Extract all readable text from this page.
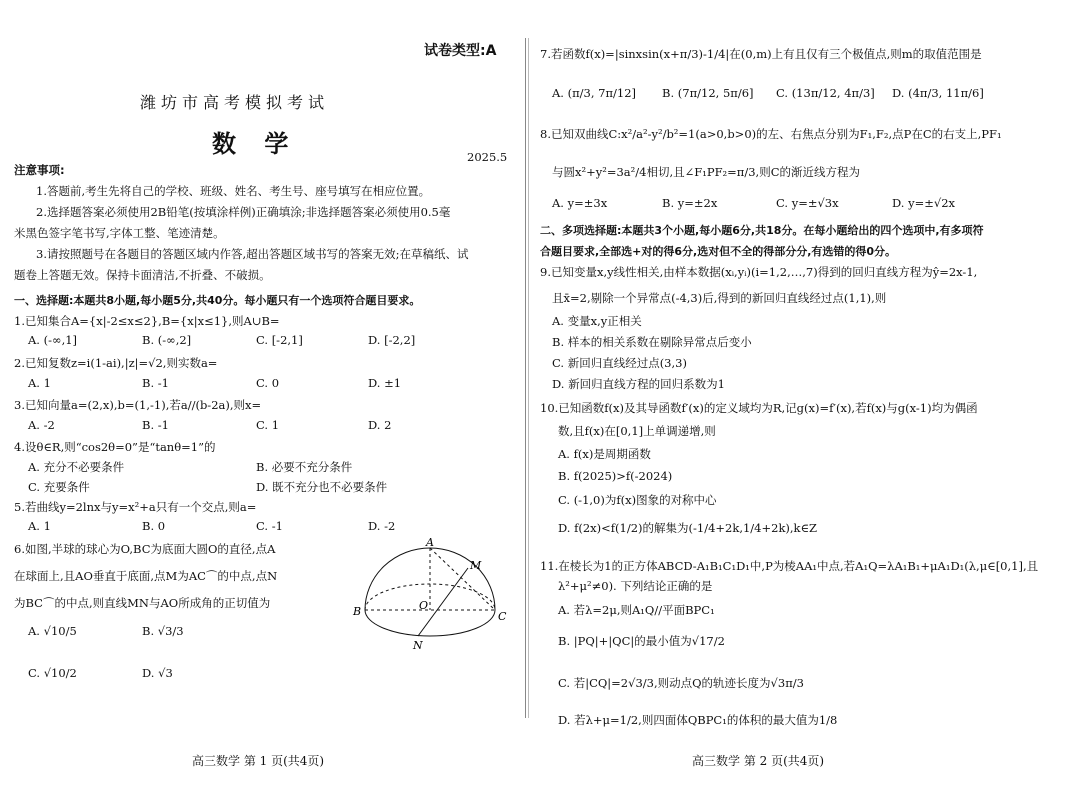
试卷类型:A
潍坊市高考模拟考试
数 学	2025.5
注意事项:
1.答题前,考生先将自己的学校、班级、姓名、考生号、座号填写在相应位置。
2.选择题答案必须使用2B铅笔(按填涂样例)正确填涂;非选择题答案必须使用0.5毫
米黑色签字笔书写,字体工整、笔迹清楚。
3.请按照题号在各题目的答题区域内作答,超出答题区域书写的答案无效;在草稿纸、试
题卷上答题无效。保持卡面清洁,不折叠、不破损。
一、选择题:本题共8小题,每小题5分,共40分。每小题只有一个选项符合题目要求。
1.已知集合A={x|-2≤x≤2},B={x|x≤1},则A∪B=
A. (-∞,1]	B. (-∞,2]	C. [-2,1]	D. [-2,2]
2.已知复数z=i(1-ai),|z|=√2,则实数a=
A. 1	B. -1	C. 0	D. ±1
3.已知向量a=(2,x),b=(1,-1),若a//(b-2a),则x=
A. -2	B. -1	C. 1	D. 2
4.设θ∈R,则“cos2θ=0”是“tanθ=1”的
A. 充分不必要条件	B. 必要不充分条件
C. 充要条件	D. 既不充分也不必要条件
5.若曲线y=2lnx与y=x²+a只有一个交点,则a=
A. 1	B. 0	C. -1	D. -2
6.如图,半球的球心为O,BC为底面大圆O的直径,点A
在球面上,且AO垂直于底面,点M为AC⌒的中点,点N
为BC⌒的中点,则直线MN与AO所成角的正切值为
A. √10/5	B. √3/3
C. √10/2	D. √3
A
M
B	O
C
N
高三数学 第 1 页(共4页)
7.若函数f(x)=|sinxsin(x+π/3)-1/4|在(0,m)上有且仅有三个极值点,则m的取值范围是
A. (π/3, 7π/12] B. (7π/12, 5π/6] C. (13π/12, 4π/3] D. (4π/3, 11π/6]
8.已知双曲线C:x²/a²-y²/b²=1(a>0,b>0)的左、右焦点分别为F₁,F₂,点P在C的右支上,PF₁
与圆x²+y²=3a²/4相切,且∠F₁PF₂=π/3,则C的渐近线方程为
A. y=±3x	B. y=±2x	C. y=±√3x	D. y=±√2x
二、多项选择题:本题共3个小题,每小题6分,共18分。在每小题给出的四个选项中,有多项符
合题目要求,全部选+对的得6分,选对但不全的得部分分,有选错的得0分。
9.已知变量x,y线性相关,由样本数据(xᵢ,yᵢ)(i=1,2,…,7)得到的回归直线方程为ŷ=2x-1,
且x̄=2,剔除一个异常点(-4,3)后,得到的新回归直线经过点(1,1),则
A. 变量x,y正相关
B. 样本的相关系数在剔除异常点后变小
C. 新回归直线经过点(3,3)
D. 新回归直线方程的回归系数为1
10.已知函数f(x)及其导函数f′(x)的定义域均为R,记g(x)=f′(x),若f(x)与g(x-1)均为偶函
数,且f(x)在[0,1]上单调递增,则
A. f(x)是周期函数
B. f(2025)>f(-2024)
C. (-1,0)为f(x)图象的对称中心
D. f(2x)<f(1/2)的解集为(-1/4+2k,1/4+2k),k∈Z
11.在棱长为1的正方体ABCD-A₁B₁C₁D₁中,P为棱AA₁中点,若A₁Q=λA₁B₁+μA₁D₁(λ,μ∈[0,1],且
λ²+μ²≠0). 下列结论正确的是
A. 若λ=2μ,则A₁Q//平面BPC₁
B. |PQ|+|QC|的最小值为√17/2
C. 若|CQ|=2√3/3,则动点Q的轨迹长度为√3π/3
D. 若λ+μ=1/2,则四面体QBPC₁的体积的最大值为1/8
高三数学 第 2 页(共4页)
